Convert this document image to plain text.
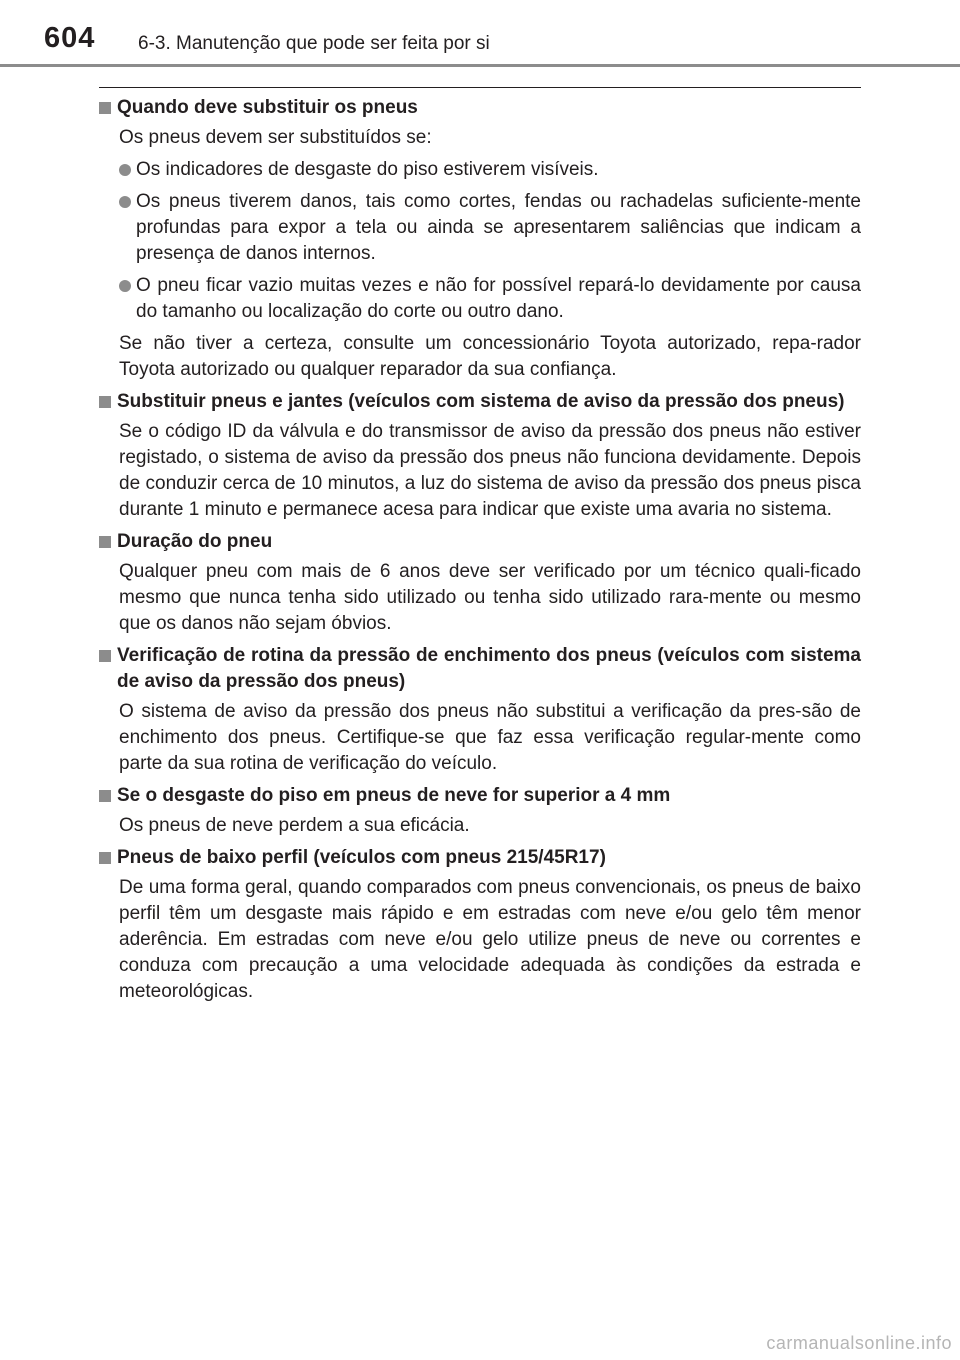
604 6-3. Manutenção que pode ser feita por si
Quando deve substituir os pneus
Os pneus devem ser substituídos se:
Os indicadores de desgaste do piso estiverem visíveis.
Os pneus tiverem danos, tais como cortes, fendas ou rachadelas suficiente-mente profundas para expor a tela ou ainda se apresentarem saliências que indicam a presença de danos internos.
O pneu ficar vazio muitas vezes e não for possível repará-lo devidamente por causa do tamanho ou localização do corte ou outro dano.
Se não tiver a certeza, consulte um concessionário Toyota autorizado, repa-rador Toyota autorizado ou qualquer reparador da sua confiança.
Substituir pneus e jantes (veículos com sistema de aviso da pressão dos pneus)
Se o código ID da válvula e do transmissor de aviso da pressão dos pneus não estiver registado, o sistema de aviso da pressão dos pneus não funciona devidamente. Depois de conduzir cerca de 10 minutos, a luz do sistema de aviso da pressão dos pneus pisca durante 1 minuto e permanece acesa para indicar que existe uma avaria no sistema.
Duração do pneu
Qualquer pneu com mais de 6 anos deve ser verificado por um técnico quali-ficado mesmo que nunca tenha sido utilizado ou tenha sido utilizado rara-mente ou mesmo que os danos não sejam óbvios.
Verificação de rotina da pressão de enchimento dos pneus (veículos com sistema de aviso da pressão dos pneus)
O sistema de aviso da pressão dos pneus não substitui a verificação da pres-são de enchimento dos pneus. Certifique-se que faz essa verificação regular-mente como parte da sua rotina de verificação do veículo.
Se o desgaste do piso em pneus de neve for superior a 4 mm
Os pneus de neve perdem a sua eficácia.
Pneus de baixo perfil (veículos com pneus 215/45R17)
De uma forma geral, quando comparados com pneus convencionais, os pneus de baixo perfil têm um desgaste mais rápido e em estradas com neve e/ou gelo têm menor aderência. Em estradas com neve e/ou gelo utilize pneus de neve ou correntes e conduza com precaução a uma velocidade adequada às condições da estrada e meteorológicas.
carmanualsonline.info
